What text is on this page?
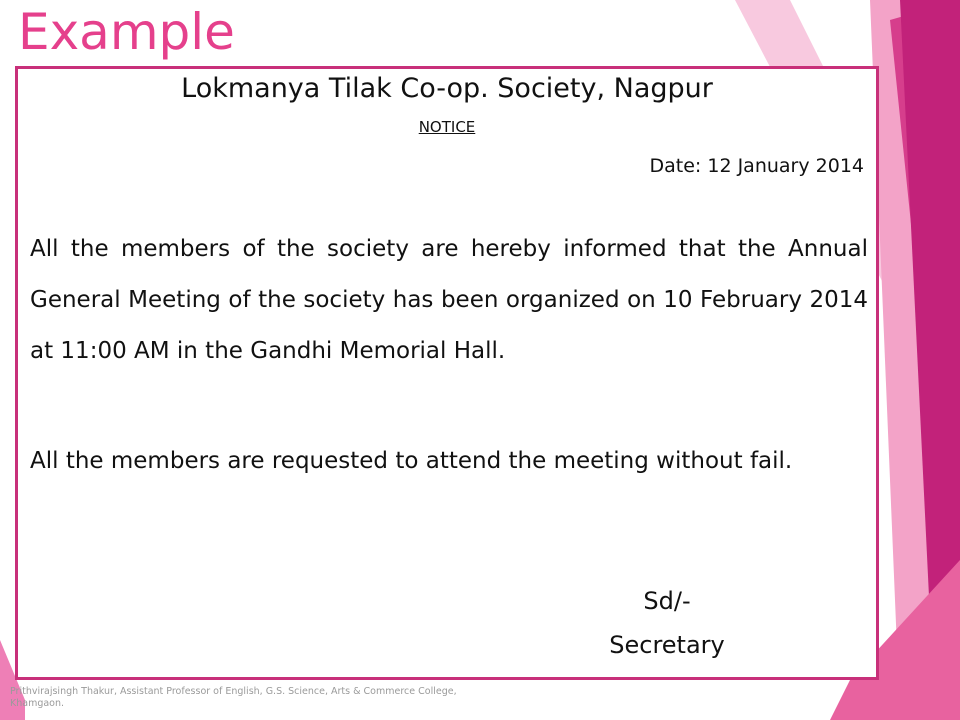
Example
Lokmanya Tilak Co-op. Society, Nagpur
NOTICE
Date: 12 January 2014

All the members of the society are hereby informed that the Annual General Meeting of the society has been organized on 10 February 2014 at 11:00 AM in the Gandhi Memorial Hall.

All the members are requested to attend the meeting without fail.

Sd/-
Secretary
Prithvirajsingh Thakur, Assistant Professor of English, G.S. Science, Arts & Commerce College, Khamgaon.
